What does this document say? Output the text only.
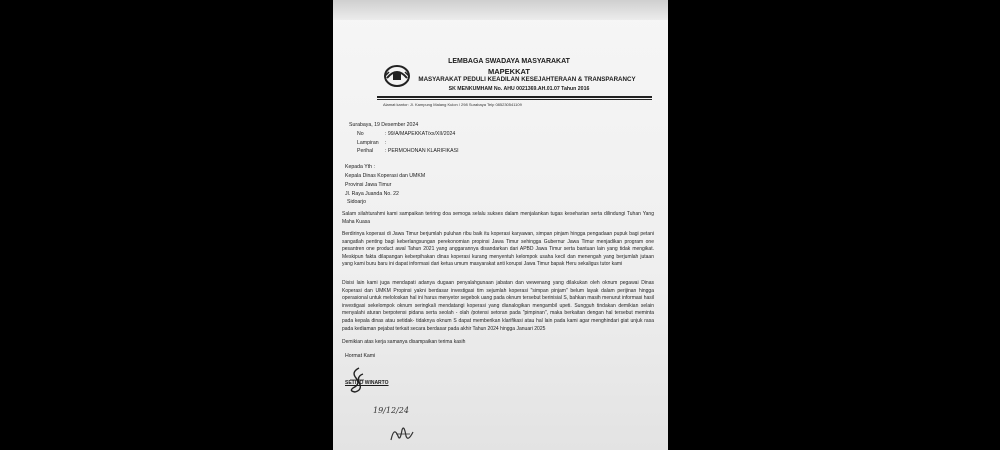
LEMBAGA SWADAYA MASYARAKAT
MAPEKKAT
MASYARAKAT PEDULI KEADILAN KESEJAHTERAAN & TRANSPARANCY
SK MENKUMHAM No. AHU 0021369.AH.01.07 Tahun 2016
Alamat kantor: Jl. Kampung Malang Kulon / 298 Surabaya Telp 085230541109
Surabaya, 19 Desember 2024
No	: 99/A/MAPEKKAT/xx/XII/2024
Lampiran :
Perihal : PERMOHONAN KLARIFIKASI
Kepada Yth :
Kepala Dinas Koperasi dan UMKM
Provinsi Jawa Timur
Jl. Raya Juanda No. 22
Sidoarjo
Salam silahturahmi kami sampaikan teriring doa semoga selalu sukses dalam menjalankan tugas keseharian serta dilindungi Tuhan Yang Maha Kuasa
Berdirinya koperasi di Jawa Timur berjumlah puluhan ribu baik itu koperasi karyawan, simpan pinjam hingga pengadaan pupuk bagi petani sangatlah penting bagi keberlangsungan perekonomian propinsi Jawa Timur sehingga Gubernur Jawa Timur menjadikan program one pesantren one product awal Tahun 2021 yang anggarannya disandarkan dari APBD Jawa Timur serta bantuan lain yang tidak mengikat. Meskipun fakta dilapangan keberpihakan dinas koperasi kurang menyentuh kelompok usaha kecil dan menengah yang berjumlah jutaan yang kami buru baru ini dapat informasi dari ketua umum masyarakat anti korupsi Jawa Timur bapak Heru sekaligus tutor kami
Disisi lain kami juga mendapati adanya dugaan penyalahgunaan jabatan dan wewenang yang dilakukan oleh oknum pegawai Dinas Koperasi dan UMKM Propinsi yakni berdasar investigasi tim sejumlah koperasi "simpan pinjam" belum layak dalam perijinan hingga operasional untuk meloloskan hal ini harus menyetor segebok uang pada oknum tersebut berinisial S, bahkan masih menurut informasi hasil investigasi sekelompok oknum seringkali mendatangi koperasi yang dianalogikan mengambil upeti. Sungguh tindakan demikian selain menyalahi aturan berpotensi pidana serta seolah - olah /potensi setoran pada "pimpinan", maka berkaitan dengan hal tersebut meminta pada kepala dinas atau setidak- tidaknya oknum S dapat memberikan klarifikasi atau hal lain pada kami agar menghindari giat unjuk rasa pada kediaman pejabat terkait secara berdasar pada akhir Tahun 2024 hingga Januari 2025
Demikian atas kerja samanya disampaikan terima kasih
Hormat Kami
SETIYO WINARTO
19/12/24
